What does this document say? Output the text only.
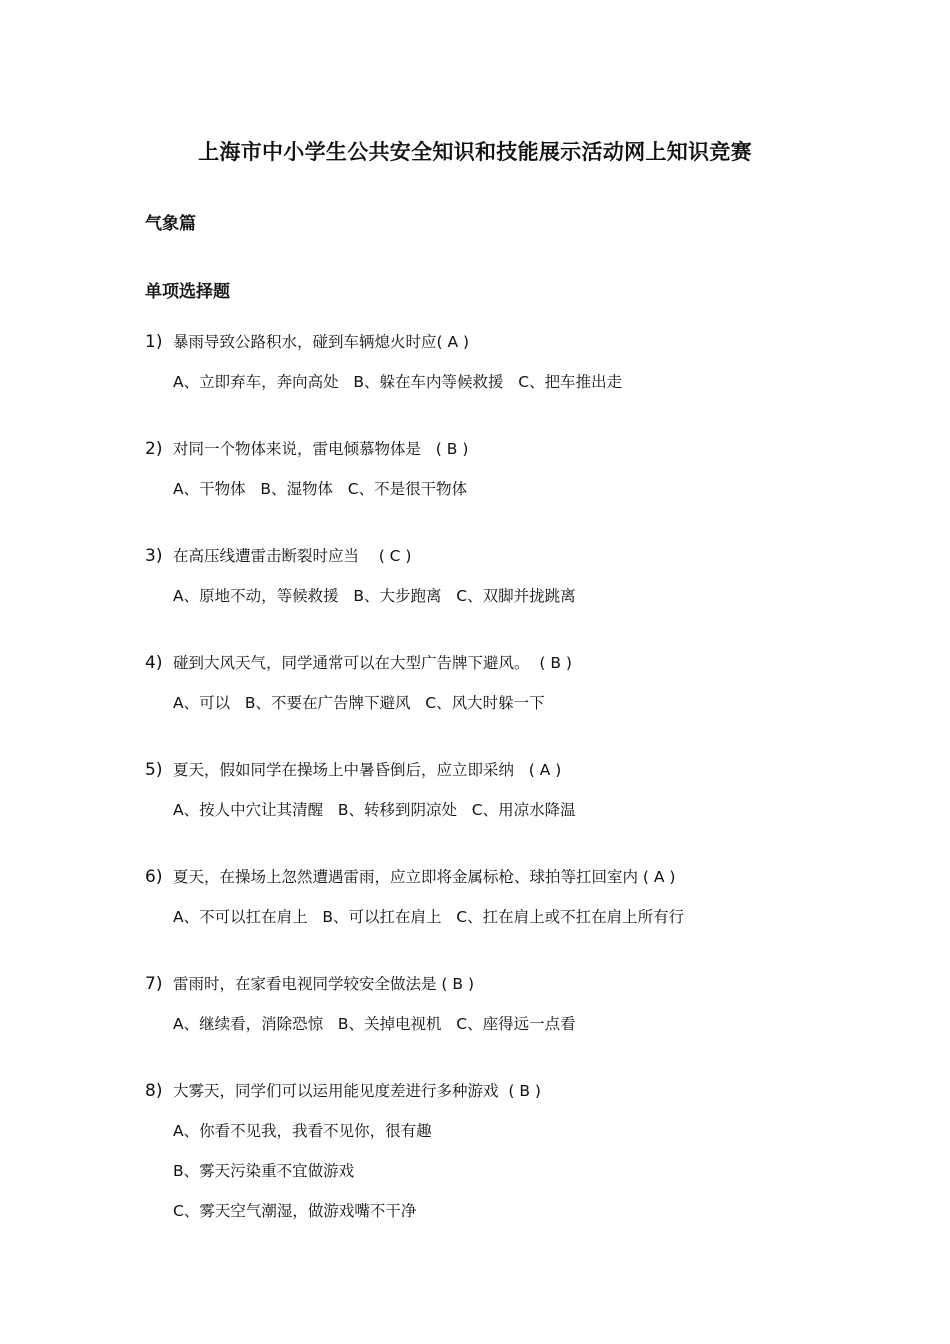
上海市中小学生公共安全知识和技能展示活动网上知识竞赛
气象篇
单项选择题
1) 暴雨导致公路积水，碰到车辆熄火时应( A )
A、立即弃车，奔向高处   B、躲在车内等候救援   C、把车推出走
2) 对同一个物体来说，雷电倾慕物体是   ( B )
A、干物体   B、湿物体   C、不是很干物体
3) 在高压线遭雷击断裂时应当    ( C )
A、原地不动，等候救援   B、大步跑离   C、双脚并拢跳离
4) 碰到大风天气，同学通常可以在大型广告牌下避风。  ( B )
A、可以   B、不要在广告牌下避风   C、风大时躲一下
5) 夏天，假如同学在操场上中暑昏倒后，应立即采纳   ( A )
A、按人中穴让其清醒   B、转移到阴凉处   C、用凉水降温
6) 夏天，在操场上忽然遭遇雷雨，应立即将金属标枪、球拍等扛回室内 ( A )
A、不可以扛在肩上   B、可以扛在肩上   C、扛在肩上或不扛在肩上所有行
7) 雷雨时，在家看电视同学较安全做法是 ( B )
A、继续看，消除恐惊   B、关掉电视机   C、座得远一点看
8) 大雾天，同学们可以运用能见度差进行多种游戏  ( B )
A、你看不见我，我看不见你，很有趣
B、雾天污染重不宜做游戏
C、雾天空气潮湿，做游戏嘴不干净
